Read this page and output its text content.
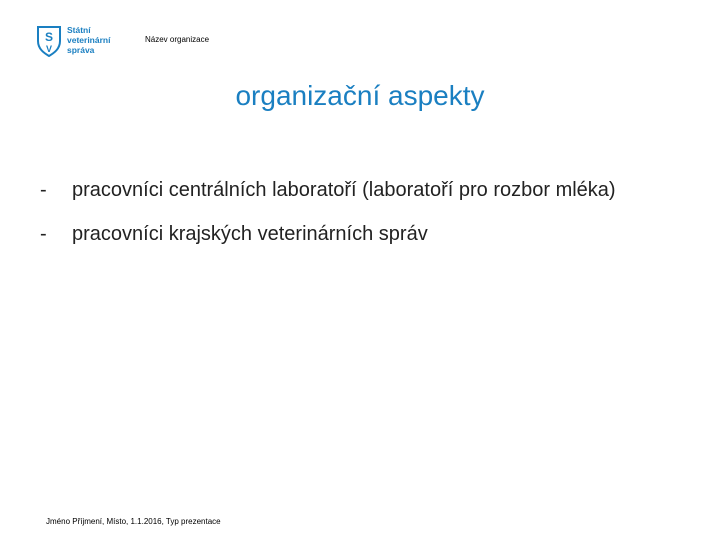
S
V
Státní
veterinární
správa
Název organizace
organizační aspekty
-	pracovníci centrálních laboratoří (laboratoří pro rozbor mléka)
-	pracovníci krajských veterinárních správ
Jméno Příjmení, Místo, 1.1.2016, Typ prezentace
